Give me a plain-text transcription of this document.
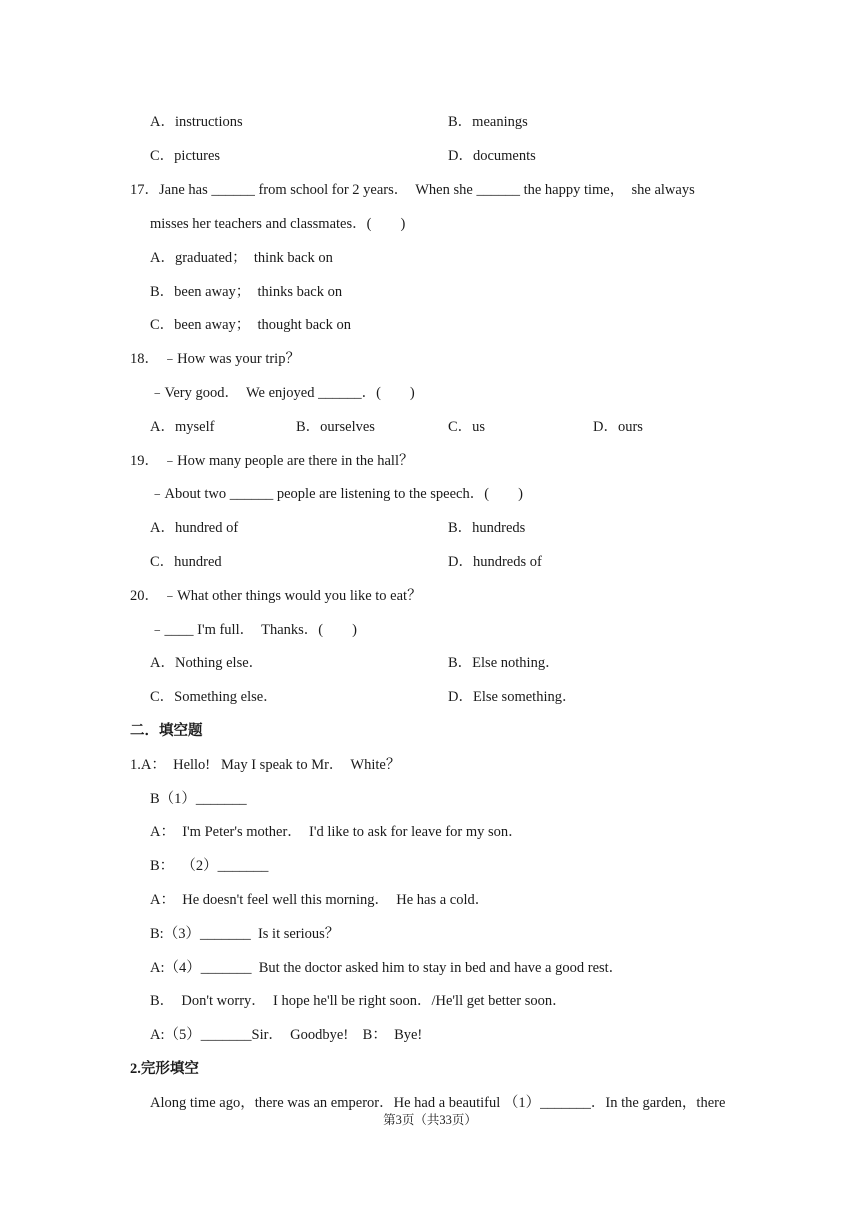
A．instructions	B．meanings
C．pictures	D．documents
17．Jane has ______ from school for 2 years．  When she ______ the happy time，  she always
misses her teachers and classmates．(        )
A．graduated；  think back on
B．been away；  thinks back on
C．been away；  thought back on
18． ﹣How was your trip？
﹣Very good．  We enjoyed ______．(        )
A．myself	B．ourselves	C．us	D．ours
19． ﹣How many people are there in the hall？
﹣About two ______ people are listening to the speech．(        )
A．hundred of	B．hundreds
C．hundred	D．hundreds of
20． ﹣What other things would you like to eat？
﹣____ I'm full．  Thanks．(        )
A．Nothing else．	B．Else nothing．
C．Something else．	D．Else something．
二．填空题
1.A：  Hello!   May I speak to Mr．  White？
B（1）_______
A：  I'm Peter's mother．  I'd like to ask for leave for my son．
B：  （2）_______
A：  He doesn't feel well this morning．  He has a cold．
B:（3）_______  Is it serious？
A:（4）_______  But the doctor asked him to stay in bed and have a good rest．
B．  Don't worry．  I hope he'll be right soon．/He'll get better soon．
A:（5）_______Sir．  Goodbye!    B：  Bye!
2.完形填空
Along time ago，there was an emperor．He had a beautiful （1）_______．In the garden，there
第3页（共33页）
